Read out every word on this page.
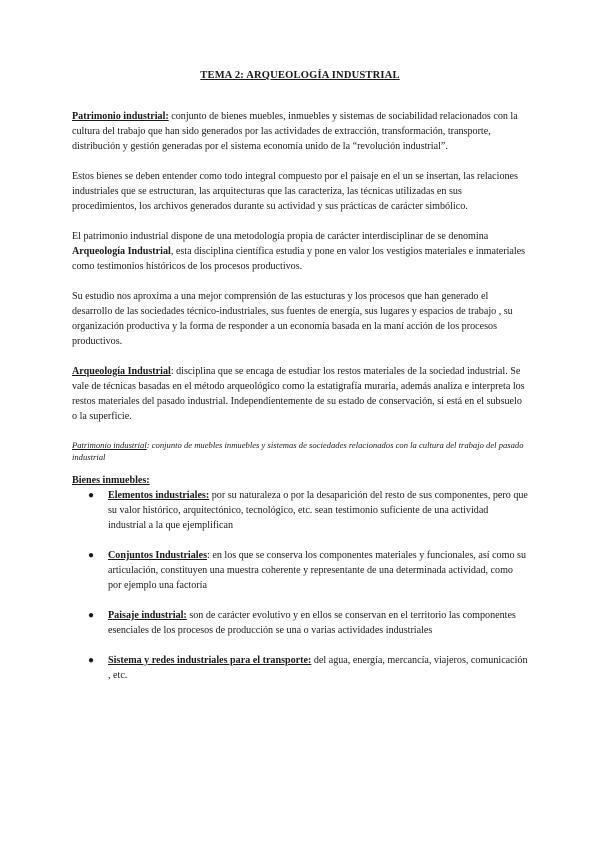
TEMA 2: ARQUEOLOGÍA INDUSTRIAL

Patrimonio industrial: conjunto de bienes muebles, inmuebles y sistemas de sociabilidad relacionados con la cultura del trabajo que han sido generados por las actividades de extracción, transformación, transporte, distribución y gestión generadas por el sistema economía unido de la “revolución industrial”.

Estos bienes se deben entender como todo integral compuesto por el paisaje en el un se insertan, las relaciones industriales que se estructuran, las arquitecturas que las caracteriza, las técnicas utilizadas en sus procedimientos, los archivos generados durante su actividad y sus prácticas de carácter simbólico.

El patrimonio industrial dispone de una metodología propia de carácter interdisciplinar de se denomina Arqueología Industrial, esta disciplina científica estudia y pone en valor los vestigios materiales e inmateriales como testimonios históricos de los procesos productivos.

Su estudio nos aproxima a una mejor comprensión de las estucturas y los procesos que han generado el desarrollo de las sociedades técnico-industriales, sus fuentes de energía, sus lugares y espacios de trabajo , su organización productiva y la forma de responder a un economía basada en la maní acción de los procesos productivos.

Arqueología Industrial: disciplina que se encaga de estudiar los restos materiales de la sociedad industrial. Se vale de técnicas basadas en el método arqueológico como la estatigrafía muraria, además analiza e interpreta los restos materiales del pasado industrial. Independientemente de su estado de conservación, si está en el subsuelo o la superficie.

Patrimonio industrial: conjunto de muebles inmuebles y sistemas de sociedades relacionados con la cultura del trabajo del pasado industrial
Bienes inmuebles:
● Elementos industriales: por su naturaleza o por la desaparición del resto de sus componentes, pero que su valor histórico, arquitectónico, tecnológico, etc. sean testimonio suficiente de una actividad industrial a la que ejemplifican
● Conjuntos Industriales: en los que se conserva los componentes materiales y funcionales, así como su articulación, constituyen una muestra coherente y representante de una determinada actividad, como por ejemplo una factoría
● Paisaje industrial: son de carácter evolutivo y en ellos se conservan en el territorio las componentes esenciales de los procesos de producción se una o varias actividades industriales
● Sistema y redes industriales para el transporte: del agua, energía, mercancía, viajeros, comunicación , etc.
